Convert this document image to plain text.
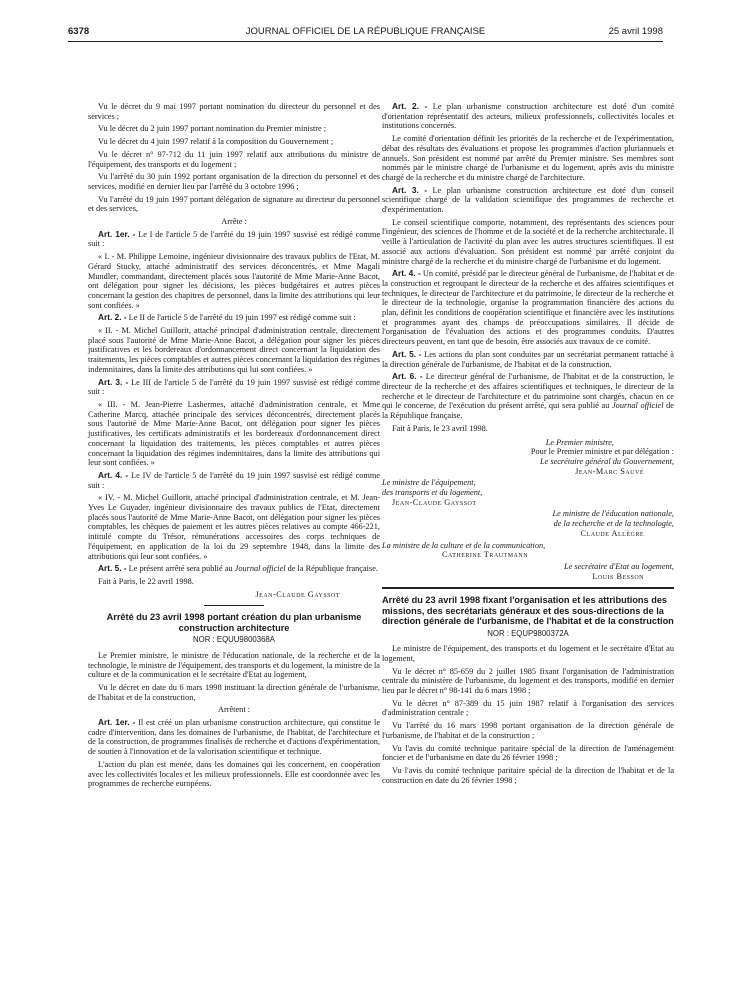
6378	JOURNAL OFFICIEL DE LA RÉPUBLIQUE FRANÇAISE	25 avril 1998

Vu le décret du 9 mai 1997 portant nomination du directeur du personnel et des services ;

Vu le décret du 2 juin 1997 portant nomination du Premier ministre ;

Vu le décret du 4 juin 1997 relatif à la composition du Gouvernement ;

Vu le décret n° 97-712 du 11 juin 1997 relatif aux attributions du ministre de l'équipement, des transports et du logement ;

Vu l'arrêté du 30 juin 1992 portant organisation de la direction du personnel et des services, modifié en dernier lieu par l'arrêté du 3 octobre 1996 ;

Vu l'arrêté du 19 juin 1997 portant délégation de signature au directeur du personnel et des services,

Arrête :

Art. 1er. - Le I de l'article 5 de l'arrêté du 19 juin 1997 susvisé est rédigé comme suit :

« I. - M. Philippe Lemoine, ingénieur divisionnaire des travaux publics de l'Etat, M. Gérard Stucky, attaché administratif des services déconcentrés, et Mme Magali Mundler, commandant, directement placés sous l'autorité de Mme Marie-Anne Bacot, ont délégation pour signer les décisions, les pièces budgétaires et autres pièces concernant la gestion des chapitres de personnel, dans la limite des attributions qui leur sont confiées. »

Art. 2. - Le II de l'article 5 de l'arrêté du 19 juin 1997 est rédigé comme suit :

« II. - M. Michel Guillorit, attaché principal d'administration centrale, directement placé sous l'autorité de Mme Marie-Anne Bacot, a délégation pour signer les pièces justificatives et les bordereaux d'ordonnancement direct concernant la liquidation des traitements, les pièces comptables et autres pièces concernant la liquidation des régimes indemnitaires, dans la limite des attributions qui lui sont confiées. »

Art. 3. - Le III de l'article 5 de l'arrêté du 19 juin 1997 susvisé est rédigé comme suit :

« III. - M. Jean-Pierre Lashermes, attaché d'administration centrale, et Mme Catherine Marcq, attachée principale des services déconcentrés, directement placés sous l'autorité de Mme Marie-Anne Bacot, ont délégation pour signer les pièces justificatives, les certificats administratifs et les bordereaux d'ordonnancement direct concernant la liquidation des traitements, les pièces comptables et autres pièces concernant la liquidation des régimes indemnitaires, dans la limite des attributions qui leur sont confiées. »

Art. 4. - Le IV de l'article 5 de l'arrêté du 19 juin 1997 susvisé est rédigé comme suit :

« IV. - M. Michel Guillorit, attaché principal d'administration centrale, et M. Jean-Yves Le Guyader, ingénieur divisionnaire des travaux publics de l'Etat, directement placés sous l'autorité de Mme Marie-Anne Bacot, ont délégation pour signer les pièces comptables, les chèques de paiement et les autres pièces relatives au compte 466-221, intitulé compte du Trésor, rémunérations accessoires des corps techniques de l'équipement, en application de la loi du 29 septembre 1948, dans la limite des attributions qui leur sont confiées. »

Art. 5. - Le présent arrêté sera publié au Journal officiel de la République française.

Fait à Paris, le 22 avril 1998.

Jean-Claude Gayssot

Arrêté du 23 avril 1998 portant création du plan urbanisme construction architecture
NOR : EQUU9800368A

Le Premier ministre, le ministre de l'éducation nationale, de la recherche et de la technologie, le ministre de l'équipement, des transports et du logement, la ministre de la culture et de la communication et le secrétaire d'Etat au logement,

Vu le décret en date du 6 mars 1998 instituant la direction générale de l'urbanisme, de l'habitat et de la construction,

Arrêtent :

Art. 1er. - Il est créé un plan urbanisme construction architecture, qui constitue le cadre d'intervention, dans les domaines de l'urbanisme, de l'habitat, de l'architecture et de la construction, de programmes finalisés de recherche et d'actions d'expérimentation, de soutien à l'innovation et de la valorisation scientifique et technique.

L'action du plan est menée, dans les domaines qui les concernent, en coopération avec les collectivités locales et les milieux professionnels. Elle est coordonnée avec les programmes de recherche européens.

Art. 2. - Le plan urbanisme construction architecture est doté d'un comité d'orientation représentatif des acteurs, milieux professionnels, collectivités locales et institutions concernés.

Le comité d'orientation définit les priorités de la recherche et de l'expérimentation, débat des résultats des évaluations et propose les programmes d'action pluriannuels et annuels. Son président est nommé par arrêté du Premier ministre. Ses membres sont nommés par le ministre chargé de l'urbanisme et du logement, après avis du ministre chargé de la recherche et du ministre chargé de l'architecture.

Art. 3. - Le plan urbanisme construction architecture est doté d'un conseil scientifique chargé de la validation scientifique des programmes de recherche et d'expérimentation.

Le conseil scientifique comporte, notamment, des représentants des sciences pour l'ingénieur, des sciences de l'homme et de la société et de la recherche architecturale. Il veille à l'articulation de l'activité du plan avec les autres structures scientifiques. Il est associé aux actions d'évaluation. Son président est nommé par arrêté conjoint du ministre chargé de la recherche et du ministre chargé de l'urbanisme et du logement.

Art. 4. - Un comité, présidé par le directeur général de l'urbanisme, de l'habitat et de la construction et regroupant le directeur de la recherche et des affaires scientifiques et techniques, le directeur de l'architecture et du patrimoine, le directeur de la recherche et le directeur de la technologie, organise la programmation financière des actions du plan, définit les conditions de coopération scientifique et financière avec les institutions et programmes ayant des champs de préoccupations similaires. Il décide de l'organisation de l'évaluation des actions et des programmes conduits. D'autres directeurs peuvent, en tant que de besoin, être associés aux travaux de ce comité.

Art. 5. - Les actions du plan sont conduites par un secrétariat permanent rattaché à la direction générale de l'urbanisme, de l'habitat et de la construction.

Art. 6. - Le directeur général de l'urbanisme, de l'habitat et de la construction, le directeur de la recherche et des affaires scientifiques et techniques, le directeur de la recherche et le directeur de l'architecture et du patrimoine sont chargés, chacun en ce qui le concerne, de l'exécution du présent arrêté, qui sera publié au Journal officiel de la République française.

Fait à Paris, le 23 avril 1998.

Le Premier ministre,

Pour le Premier ministre et par délégation :

Le secrétaire général du Gouvernement,

Jean-Marc Sauvé

Le ministre de l'équipement,

des transports et du logement,

Jean-Claude Gayssot

Le ministre de l'éducation nationale,

de la recherche et de la technologie,

Claude Allègre

La ministre de la culture et de la communication,

Catherine Trautmann

Le secrétaire d'Etat au logement,

Louis Besson

Arrêté du 23 avril 1998 fixant l'organisation et les attributions des missions, des secrétariats généraux et des sous-directions de la direction générale de l'urbanisme, de l'habitat et de la construction
NOR : EQUP9800372A

Le ministre de l'équipement, des transports et du logement et le secrétaire d'Etat au logement,

Vu le décret n° 85-659 du 2 juillet 1985 fixant l'organisation de l'administration centrale du ministère de l'urbanisme, du logement et des transports, modifié en dernier lieu par le décret n° 98-141 du 6 mars 1998 ;

Vu le décret n° 87-389 du 15 juin 1987 relatif à l'organisation des services d'administration centrale ;

Vu l'arrêté du 16 mars 1998 portant organisation de la direction générale de l'urbanisme, de l'habitat et de la construction ;

Vu l'avis du comité technique paritaire spécial de la direction de l'aménagement foncier et de l'urbanisme en date du 26 février 1998 ;

Vu l'avis du comité technique paritaire spécial de la direction de l'habitat et de la construction en date du 26 février 1998 ;
